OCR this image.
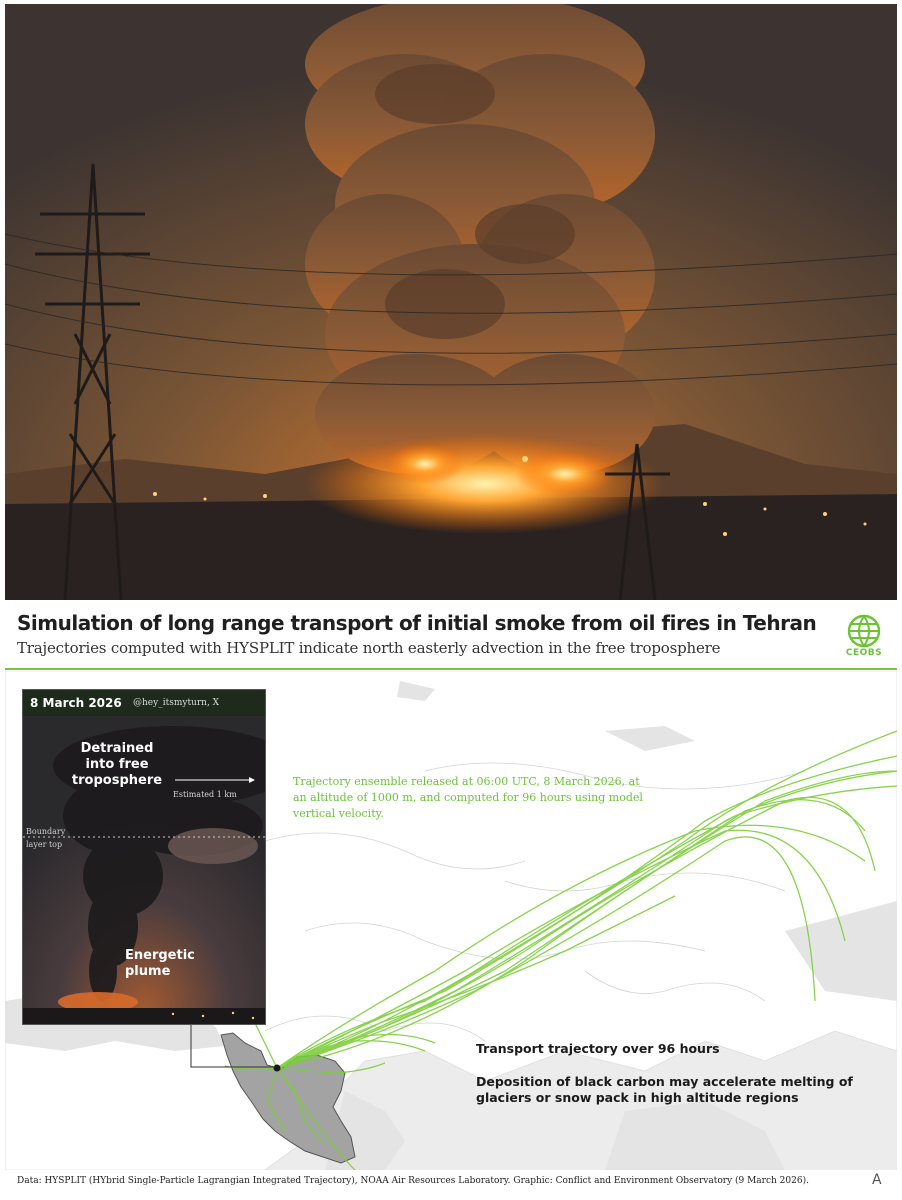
Simulation of long range transport of initial smoke from oil fires in Tehran
Trajectories computed with HYSPLIT indicate north easterly advection in the free troposphere	CEOBS
8 March 2026 @hey_itsmyturn, X
Detrained into free troposphere
Estimated 1 km
Boundary layer top
Energetic plume
Trajectory ensemble released at 06:00 UTC, 8 March 2026, at an altitude of 1000 m, and computed for 96 hours using model vertical velocity.
Transport trajectory over 96 hours
Deposition of black carbon may accelerate melting of glaciers or snow pack in high altitude regions
Data: HYSPLIT (HYbrid Single-Particle Lagrangian Integrated Trajectory), NOAA Air Resources Laboratory. Graphic: Conflict and Environment Observatory (9 March 2026).	A
